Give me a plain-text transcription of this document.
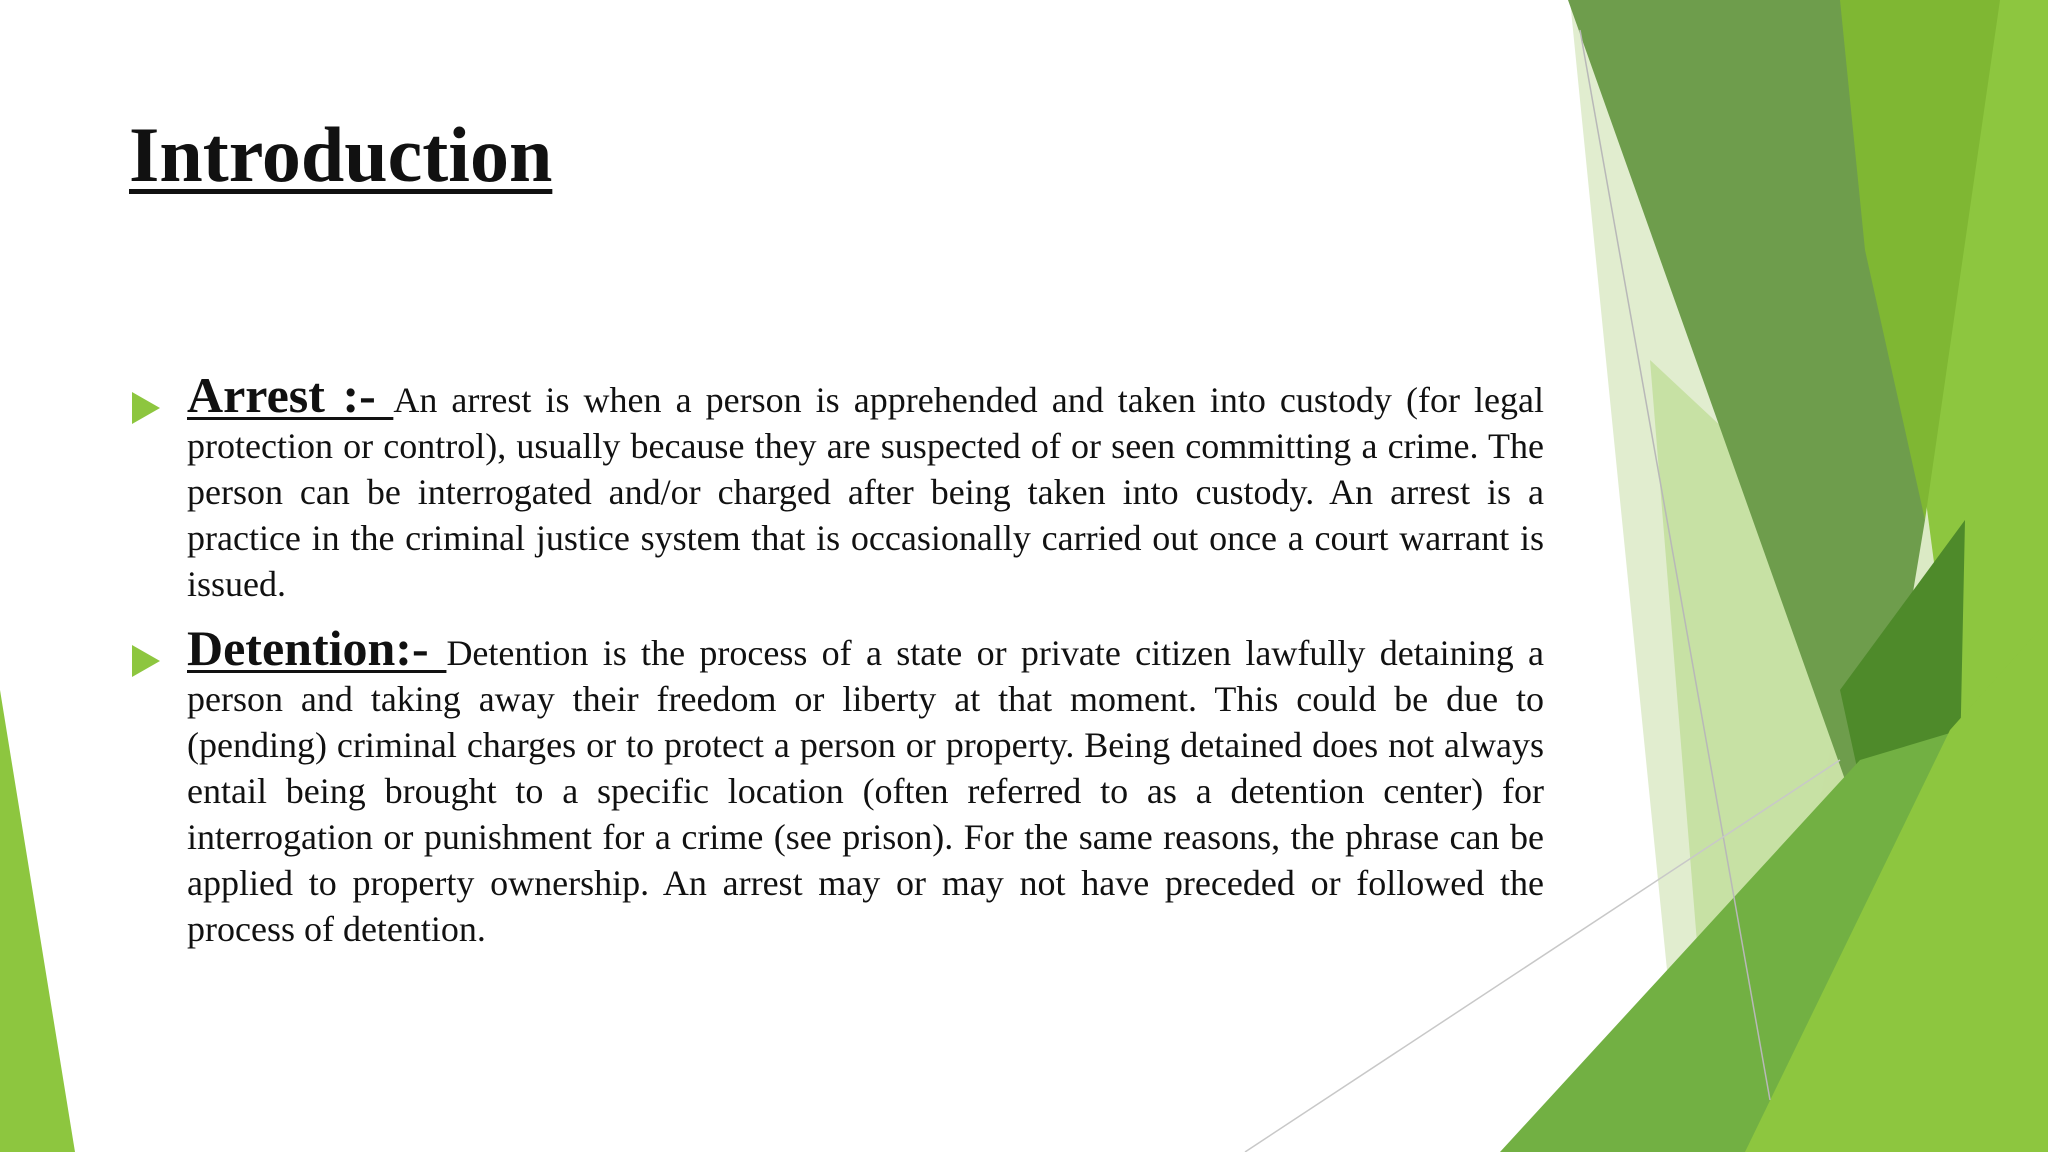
Introduction

Arrest :- An arrest is when a person is apprehended and taken into custody (for legal protection or control), usually because they are suspected of or seen committing a crime. The person can be interrogated and/or charged after being taken into custody. An arrest is a practice in the criminal justice system that is occasionally carried out once a court warrant is issued.

Detention:- Detention is the process of a state or private citizen lawfully detaining a person and taking away their freedom or liberty at that moment. This could be due to (pending) criminal charges or to protect a person or property. Being detained does not always entail being brought to a specific location (often referred to as a detention center) for interrogation or punishment for a crime (see prison). For the same reasons, the phrase can be applied to property ownership. An arrest may or may not have preceded or followed the process of detention.
